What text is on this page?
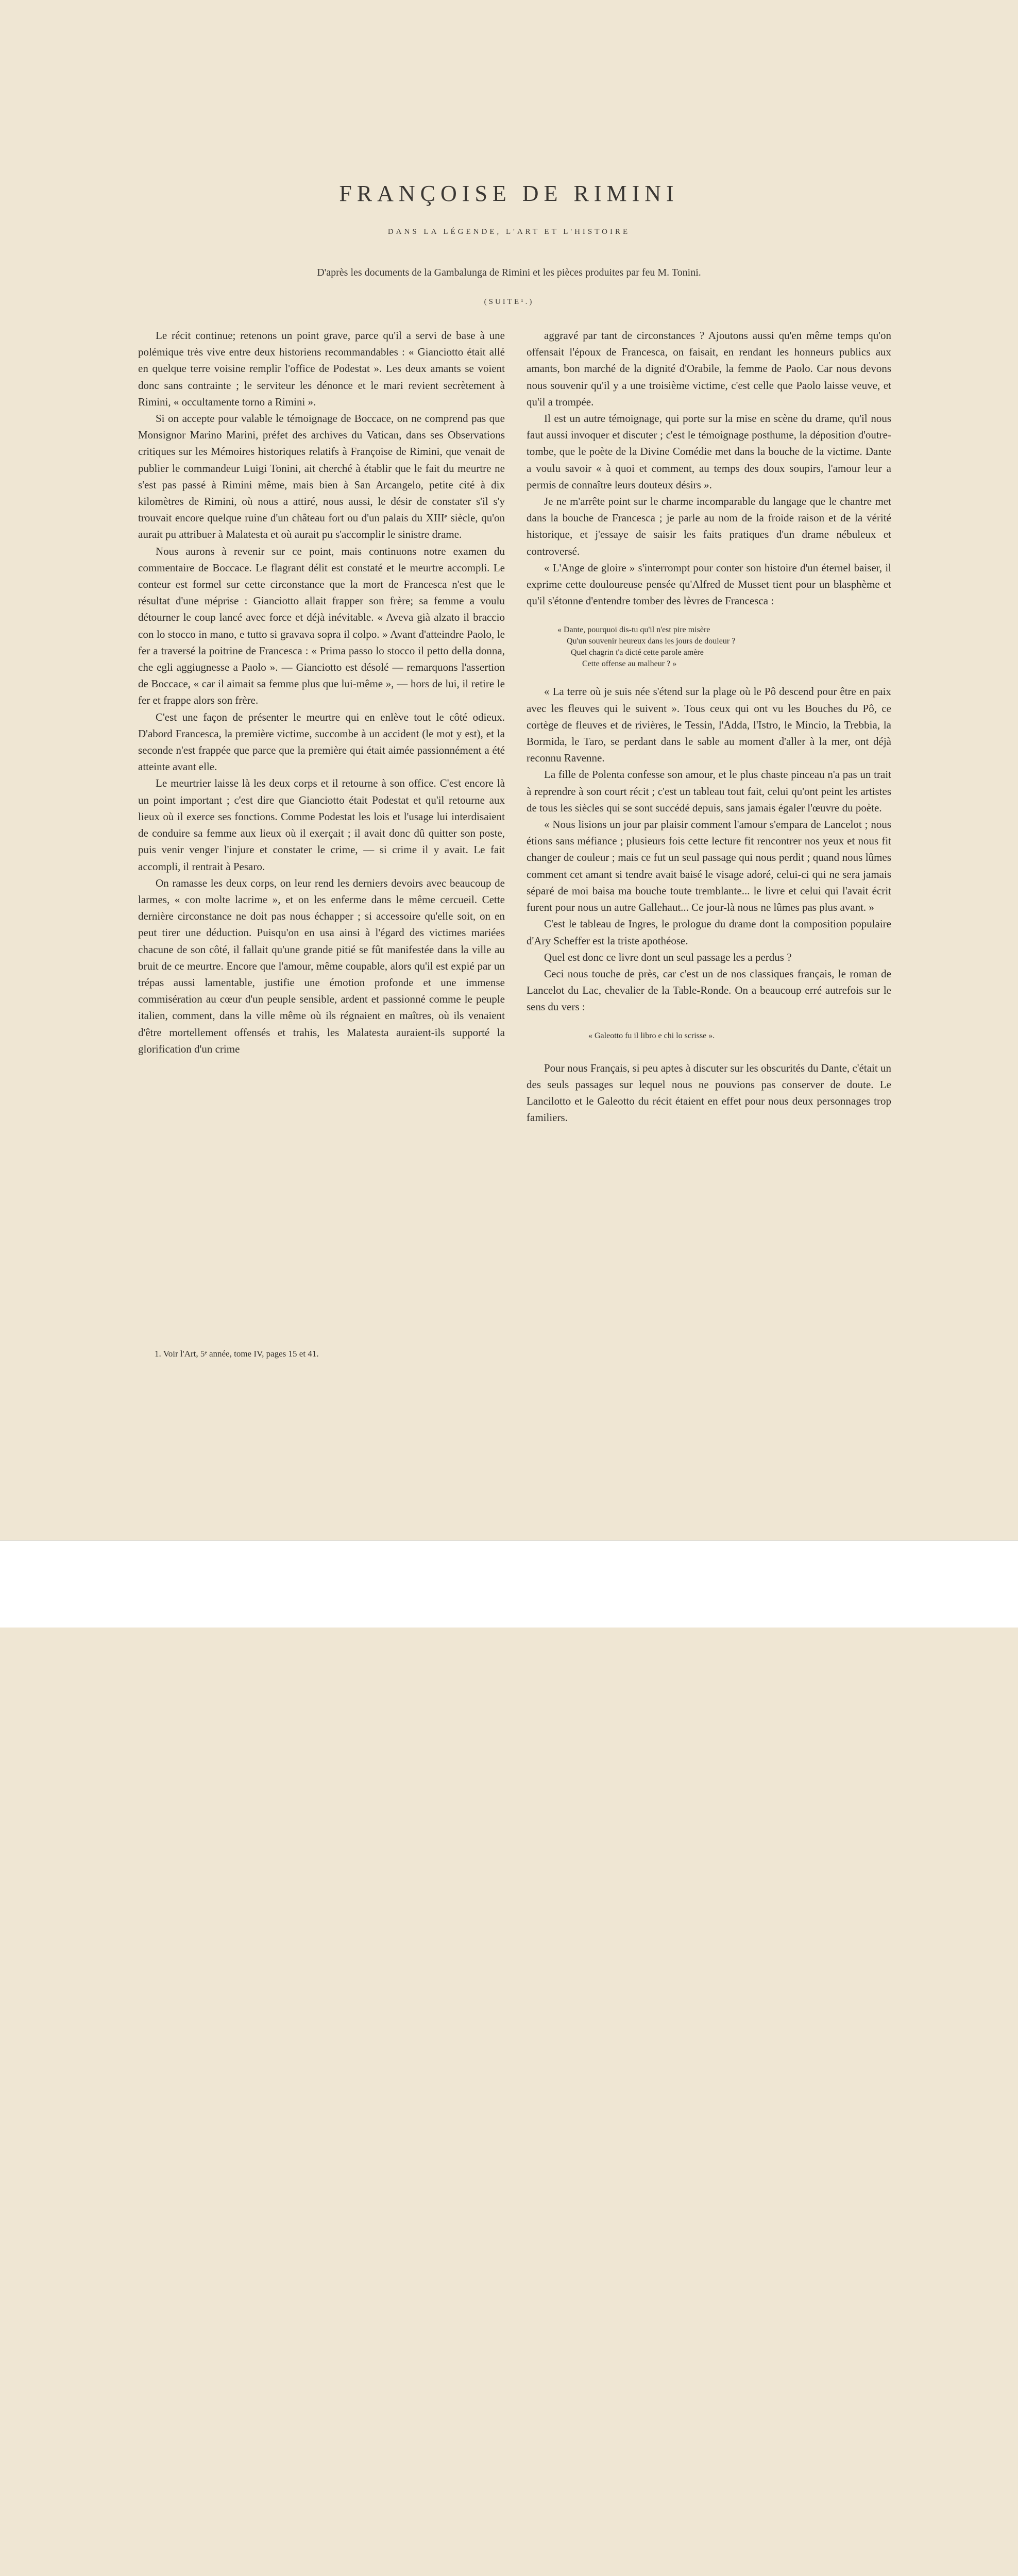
FRANÇOISE DE RIMINI
DANS LA LÉGENDE, L'ART ET L'HISTOIRE
D'après les documents de la Gambalunga de Rimini et les pièces produites par feu M. Tonini.
(SUITE¹.)

Le récit continue; retenons un point grave, parce qu'il a servi de base à une polémique très vive entre deux historiens recommandables : « Gianciotto était allé en quelque terre voisine remplir l'office de Podestat ». Les deux amants se voient donc sans contrainte ; le serviteur les dénonce et le mari revient secrètement à Rimini, « occultamente torno a Rimini ».

Si on accepte pour valable le témoignage de Boccace, on ne comprend pas que Monsignor Marino Marini, préfet des archives du Vatican, dans ses Observations critiques sur les Mémoires historiques relatifs à Françoise de Rimini, que venait de publier le commandeur Luigi Tonini, ait cherché à établir que le fait du meurtre ne s'est pas passé à Rimini même, mais bien à San Arcangelo, petite cité à dix kilomètres de Rimini, où nous a attiré, nous aussi, le désir de constater s'il s'y trouvait encore quelque ruine d'un château fort ou d'un palais du XIIIᵉ siècle, qu'on aurait pu attribuer à Malatesta et où aurait pu s'accomplir le sinistre drame.

Nous aurons à revenir sur ce point, mais continuons notre examen du commentaire de Boccace. Le flagrant délit est constaté et le meurtre accompli. Le conteur est formel sur cette circonstance que la mort de Francesca n'est que le résultat d'une méprise : Gianciotto allait frapper son frère; sa femme a voulu détourner le coup lancé avec force et déjà inévitable. « Aveva già alzato il braccio con lo stocco in mano, e tutto si gravava sopra il colpo. » Avant d'atteindre Paolo, le fer a traversé la poitrine de Francesca : « Prima passo lo stocco il petto della donna, che egli aggiugnesse a Paolo ». — Gianciotto est désolé — remarquons l'assertion de Boccace, « car il aimait sa femme plus que lui-même », — hors de lui, il retire le fer et frappe alors son frère.

C'est une façon de présenter le meurtre qui en enlève tout le côté odieux. D'abord Francesca, la première victime, succombe à un accident (le mot y est), et la seconde n'est frappée que parce que la première qui était aimée passionnément a été atteinte avant elle.

Le meurtrier laisse là les deux corps et il retourne à son office. C'est encore là un point important ; c'est dire que Gianciotto était Podestat et qu'il retourne aux lieux où il exerce ses fonctions. Comme Podestat les lois et l'usage lui interdisaient de conduire sa femme aux lieux où il exerçait ; il avait donc dû quitter son poste, puis venir venger l'injure et constater le crime, — si crime il y avait. Le fait accompli, il rentrait à Pesaro.

On ramasse les deux corps, on leur rend les derniers devoirs avec beaucoup de larmes, « con molte lacrime », et on les enferme dans le même cercueil. Cette dernière circonstance ne doit pas nous échapper ; si accessoire qu'elle soit, on en peut tirer une déduction. Puisqu'on en usa ainsi à l'égard des victimes mariées chacune de son côté, il fallait qu'une grande pitié se fût manifestée dans la ville au bruit de ce meurtre. Encore que l'amour, même coupable, alors qu'il est expié par un trépas aussi lamentable, justifie une émotion profonde et une immense commisération au cœur d'un peuple sensible, ardent et passionné comme le peuple italien, comment, dans la ville même où ils régnaient en maîtres, où ils venaient d'être mortellement offensés et trahis, les Malatesta auraient-ils supporté la glorification d'un crime

aggravé par tant de circonstances ? Ajoutons aussi qu'en même temps qu'on offensait l'époux de Francesca, on faisait, en rendant les honneurs publics aux amants, bon marché de la dignité d'Orabile, la femme de Paolo. Car nous devons nous souvenir qu'il y a une troisième victime, c'est celle que Paolo laisse veuve, et qu'il a trompée.

Il est un autre témoignage, qui porte sur la mise en scène du drame, qu'il nous faut aussi invoquer et discuter ; c'est le témoignage posthume, la déposition d'outre-tombe, que le poète de la Divine Comédie met dans la bouche de la victime. Dante a voulu savoir « à quoi et comment, au temps des doux soupirs, l'amour leur a permis de connaître leurs douteux désirs ».

Je ne m'arrête point sur le charme incomparable du langage que le chantre met dans la bouche de Francesca ; je parle au nom de la froide raison et de la vérité historique, et j'essaye de saisir les faits pratiques d'un drame nébuleux et controversé.

« L'Ange de gloire » s'interrompt pour conter son histoire d'un éternel baiser, il exprime cette douloureuse pensée qu'Alfred de Musset tient pour un blasphème et qu'il s'étonne d'entendre tomber des lèvres de Francesca :

« Dante, pourquoi dis-tu qu'il n'est pire misère
Qu'un souvenir heureux dans les jours de douleur ?
Quel chagrin t'a dicté cette parole amère
Cette offense au malheur ? »

« La terre où je suis née s'étend sur la plage où le Pô descend pour être en paix avec les fleuves qui le suivent ». Tous ceux qui ont vu les Bouches du Pô, ce cortège de fleuves et de rivières, le Tessin, l'Adda, l'Istro, le Mincio, la Trebbia, la Bormida, le Taro, se perdant dans le sable au moment d'aller à la mer, ont déjà reconnu Ravenne.

La fille de Polenta confesse son amour, et le plus chaste pinceau n'a pas un trait à reprendre à son court récit ; c'est un tableau tout fait, celui qu'ont peint les artistes de tous les siècles qui se sont succédé depuis, sans jamais égaler l'œuvre du poète.

« Nous lisions un jour par plaisir comment l'amour s'empara de Lancelot ; nous étions sans méfiance ; plusieurs fois cette lecture fit rencontrer nos yeux et nous fit changer de couleur ; mais ce fut un seul passage qui nous perdit ; quand nous lûmes comment cet amant si tendre avait baisé le visage adoré, celui-ci qui ne sera jamais séparé de moi baisa ma bouche toute tremblante... le livre et celui qui l'avait écrit furent pour nous un autre Gallehaut... Ce jour-là nous ne lûmes pas plus avant. »

C'est le tableau de Ingres, le prologue du drame dont la composition populaire d'Ary Scheffer est la triste apothéose.

Quel est donc ce livre dont un seul passage les a perdus ?

Ceci nous touche de près, car c'est un de nos classiques français, le roman de Lancelot du Lac, chevalier de la Table-Ronde. On a beaucoup erré autrefois sur le sens du vers :

« Galeotto fu il libro e chi lo scrisse ».

Pour nous Français, si peu aptes à discuter sur les obscurités du Dante, c'était un des seuls passages sur lequel nous ne pouvions pas conserver de doute. Le Lancilotto et le Galeotto du récit étaient en effet pour nous deux personnages trop familiers.

1. Voir l'Art, 5ᵉ année, tome IV, pages 15 et 41.
